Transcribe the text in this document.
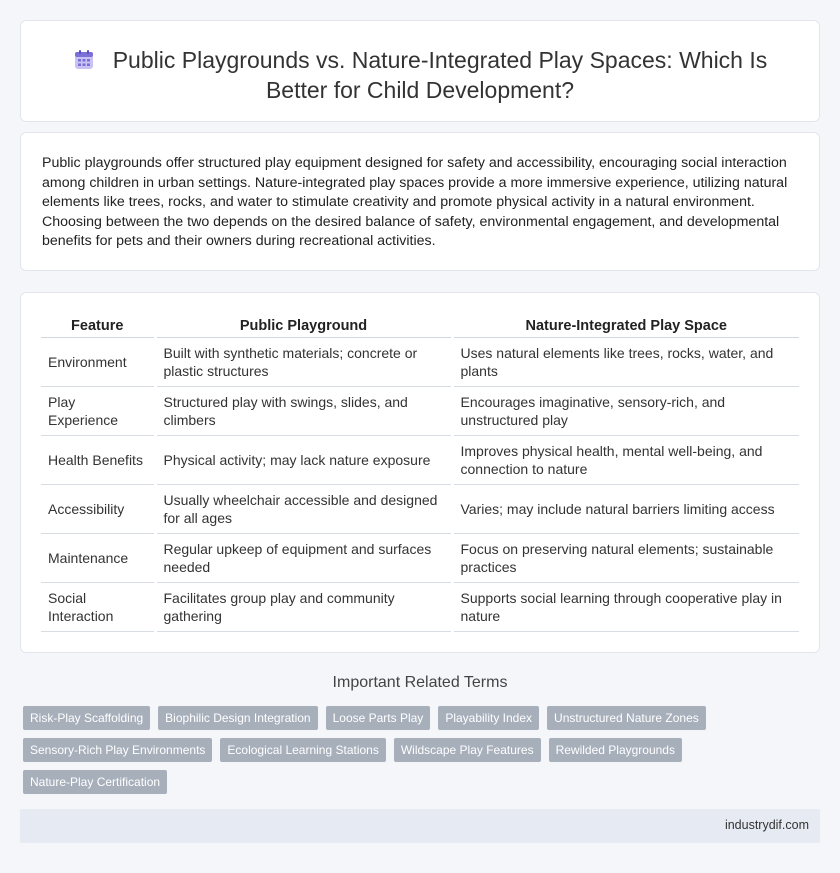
Public Playgrounds vs. Nature-Integrated Play Spaces: Which Is Better for Child Development?

Public playgrounds offer structured play equipment designed for safety and accessibility, encouraging social interaction among children in urban settings. Nature-integrated play spaces provide a more immersive experience, utilizing natural elements like trees, rocks, and water to stimulate creativity and promote physical activity in a natural environment. Choosing between the two depends on the desired balance of safety, environmental engagement, and developmental benefits for pets and their owners during recreational activities.

Feature	Public Playground	Nature-Integrated Play Space
Environment	Built with synthetic materials; concrete or plastic structures	Uses natural elements like trees, rocks, water, and plants
Play Experience	Structured play with swings, slides, and climbers	Encourages imaginative, sensory-rich, and unstructured play
Health Benefits	Physical activity; may lack nature exposure	Improves physical health, mental well-being, and connection to nature
Accessibility	Usually wheelchair accessible and designed for all ages	Varies; may include natural barriers limiting access
Maintenance	Regular upkeep of equipment and surfaces needed	Focus on preserving natural elements; sustainable practices
Social Interaction	Facilitates group play and community gathering	Supports social learning through cooperative play in nature
Important Related Terms
Risk-Play Scaffolding	Biophilic Design Integration	Loose Parts Play	Playability Index	Unstructured Nature Zones
Sensory-Rich Play Environments	Ecological Learning Stations	Wildscape Play Features	Rewilded Playgrounds
Nature-Play Certification
industrydif.com
